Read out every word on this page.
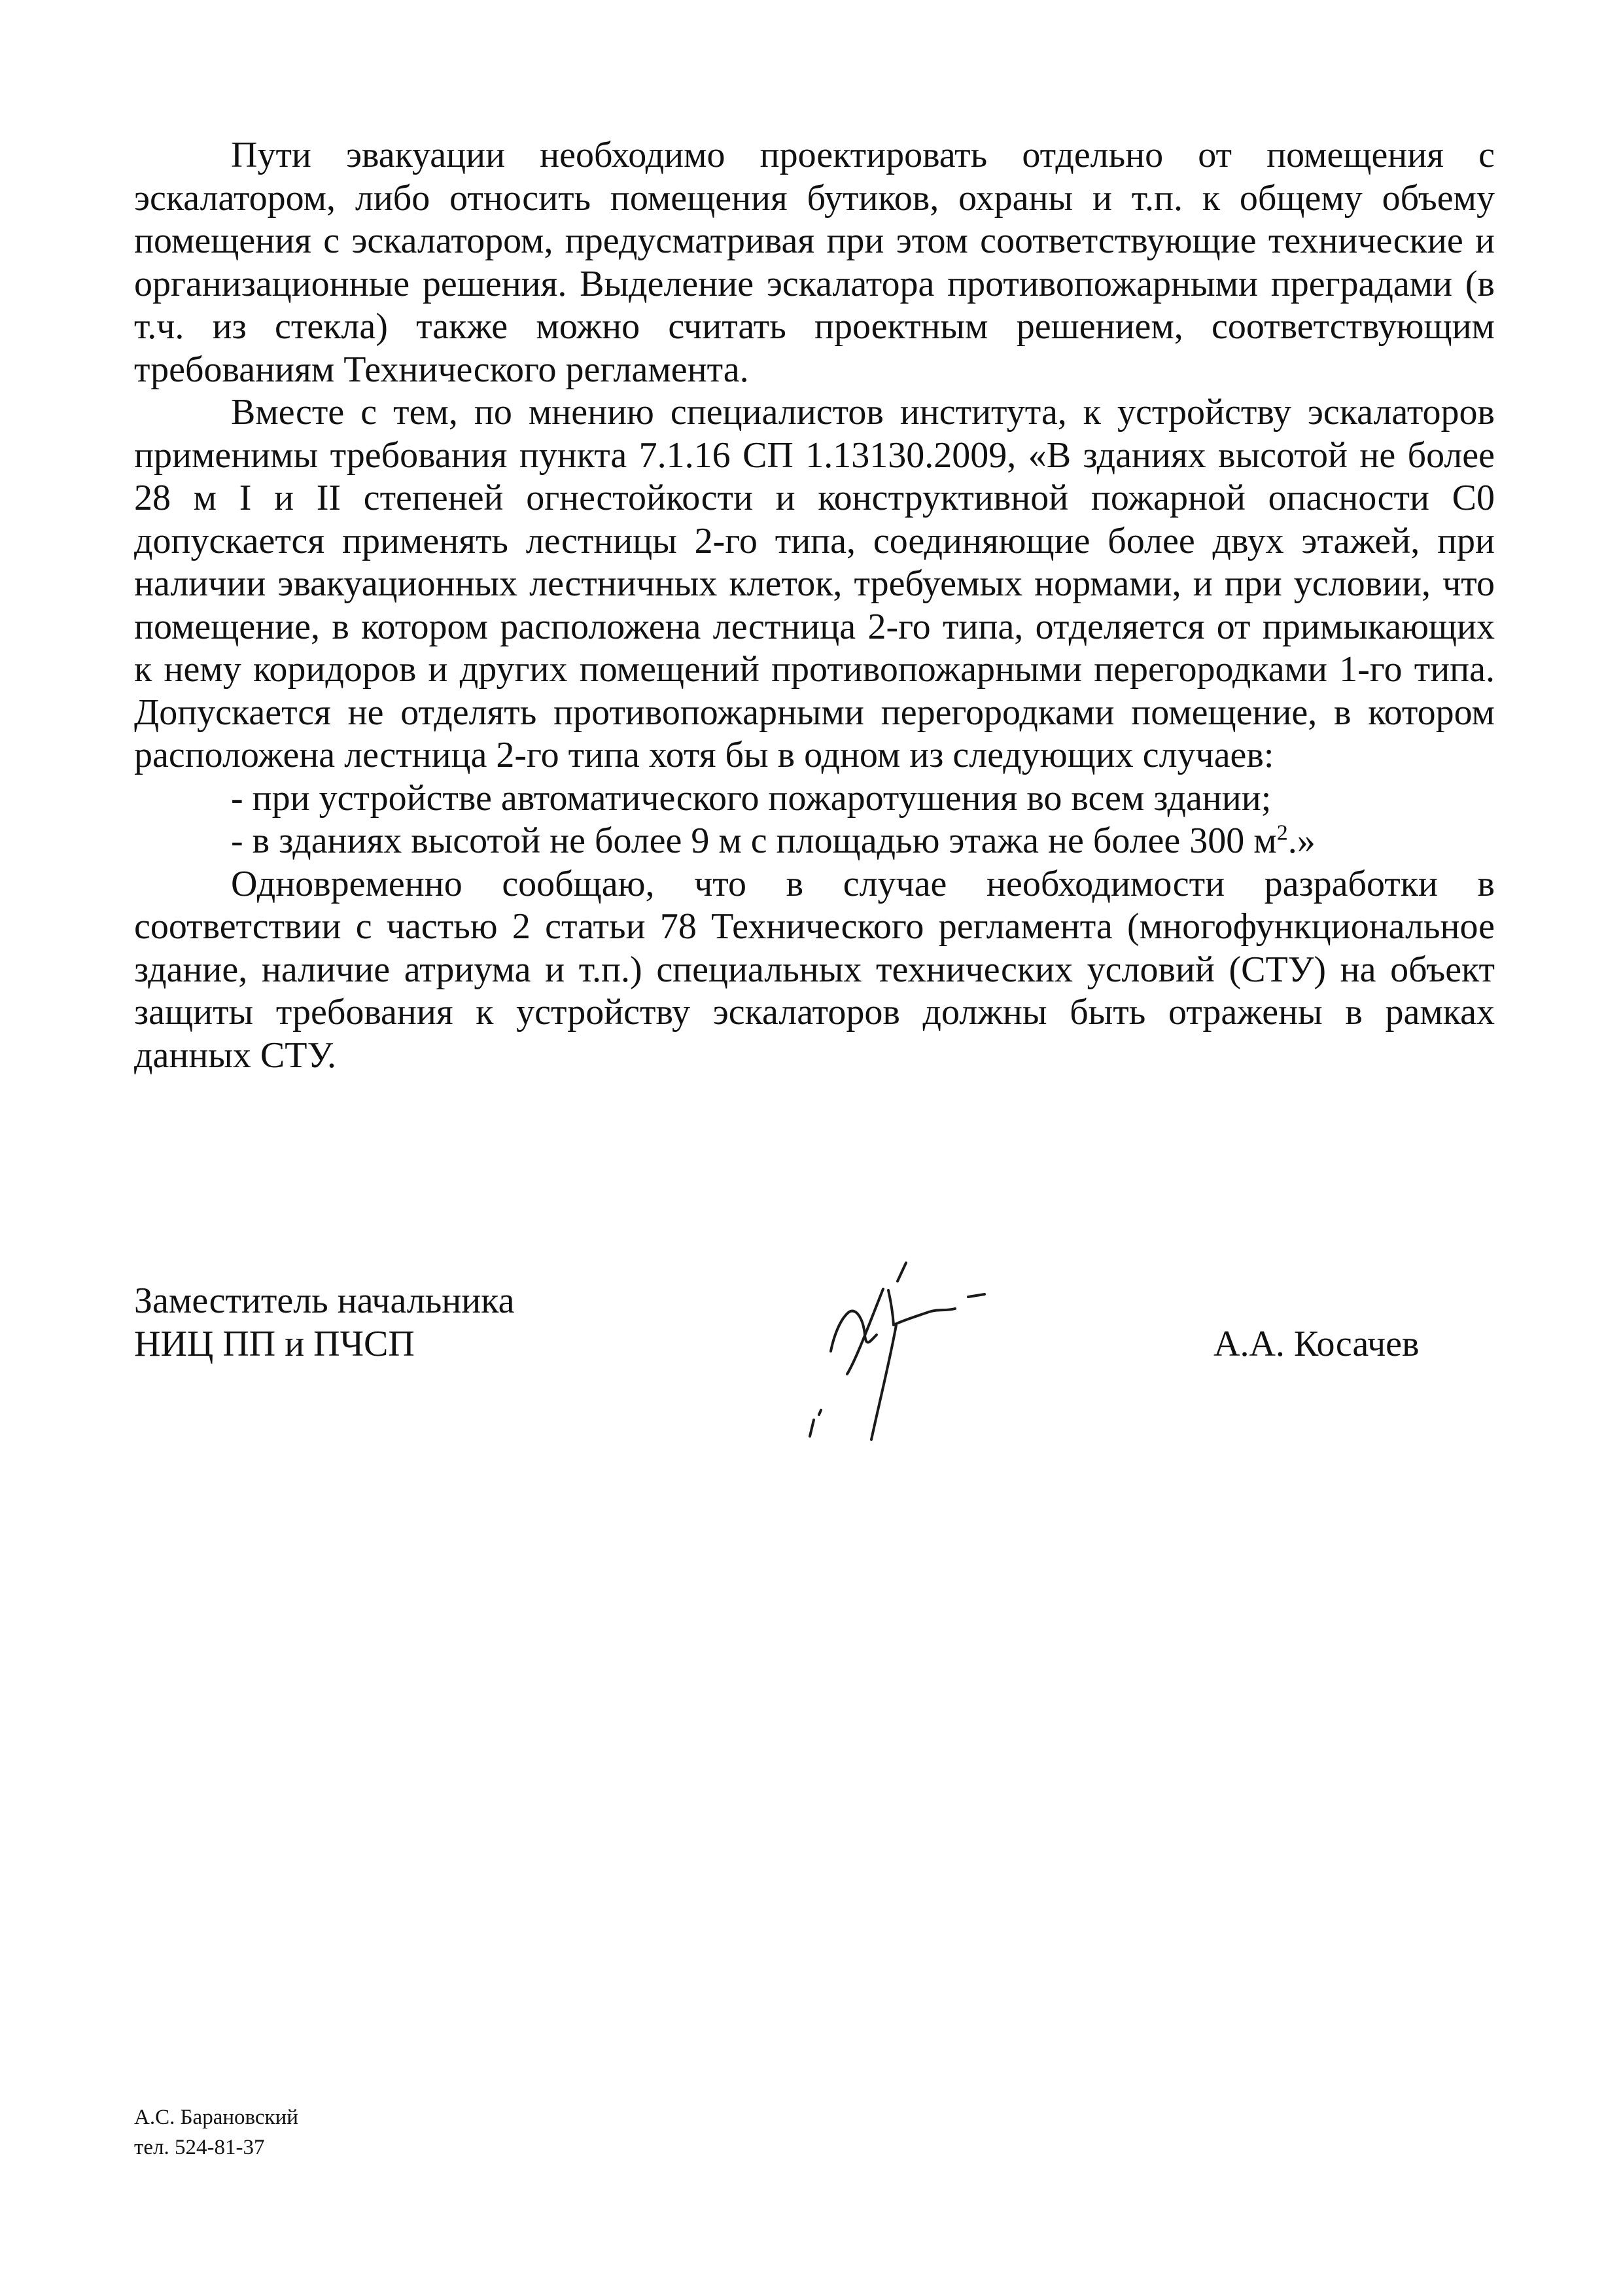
Пути эвакуации необходимо проектировать отдельно от помещения с эскалатором, либо относить помещения бутиков, охраны и т.п. к общему объему помещения с эскалатором, предусматривая при этом соответствующие технические и организационные решения. Выделение эскалатора противопожарными преградами (в т.ч. из стекла) также можно считать проектным решением, соответствующим требованиям Технического регламента.

Вместе с тем, по мнению специалистов института, к устройству эскалаторов применимы требования пункта 7.1.16 СП 1.13130.2009, «В зданиях высотой не более 28 м I и II степеней огнестойкости и конструктивной пожарной опасности С0 допускается применять лестницы 2-го типа, соединяющие более двух этажей, при наличии эвакуационных лестничных клеток, требуемых нормами, и при условии, что помещение, в котором расположена лестница 2-го типа, отделяется от примыкающих к нему коридоров и других помещений противопожарными перегородками 1-го типа. Допускается не отделять противопожарными перегородками помещение, в котором расположена лестница 2-го типа хотя бы в одном из следующих случаев:

- при устройстве автоматического пожаротушения во всем здании;

- в зданиях высотой не более 9 м с площадью этажа не более 300 $м^2$.»

Одновременно сообщаю, что в случае необходимости разработки в соответствии с частью 2 статьи 78 Технического регламента (многофункциональное здание, наличие атриума и т.п.) специальных технических условий (СТУ) на объект защиты требования к устройству эскалаторов должны быть отражены в рамках данных СТУ.

Заместитель начальника
НИЦ ПП и ПЧСП	А.А. Косачев
А.С. Барановский
тел. 524-81-37
